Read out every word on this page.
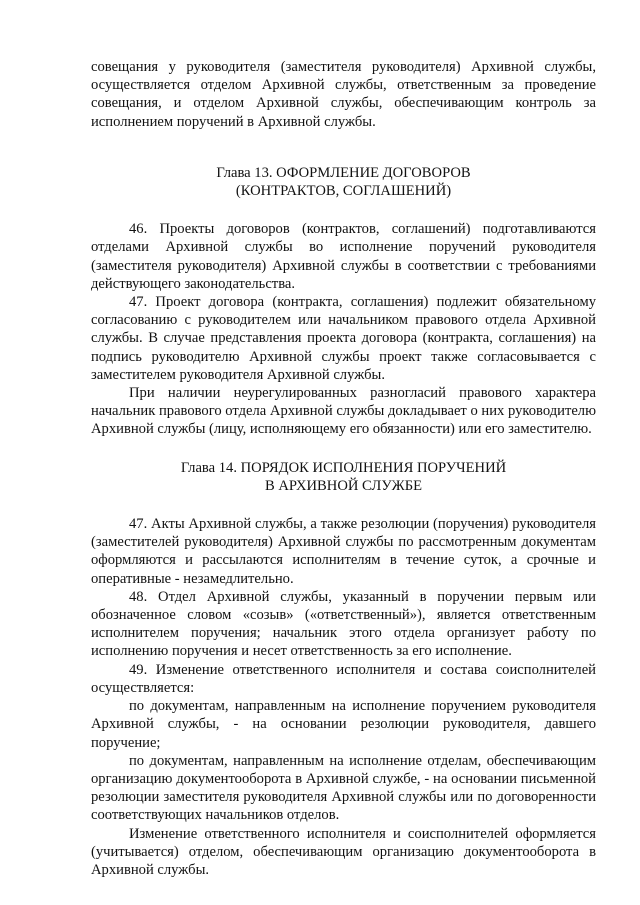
совещания у руководителя (заместителя руководителя) Архивной службы, осуществляется отделом Архивной службы, ответственным за проведение совещания, и отделом Архивной службы, обеспечивающим контроль за исполнением поручений в Архивной службы.

Глава 13. ОФОРМЛЕНИЕ ДОГОВОРОВ

(КОНТРАКТОВ, СОГЛАШЕНИЙ)

46. Проекты договоров (контрактов, соглашений) подготавливаются отделами Архивной службы во исполнение поручений руководителя (заместителя руководителя) Архивной службы в соответствии с требованиями действующего законодательства.

47. Проект договора (контракта, соглашения) подлежит обязательному согласованию с руководителем или начальником правового отдела Архивной службы. В случае представления проекта договора (контракта, соглашения) на подпись руководителю Архивной службы проект также согласовывается с заместителем руководителя Архивной службы.

При наличии неурегулированных разногласий правового характера начальник правового отдела Архивной службы докладывает о них руководителю Архивной службы (лицу, исполняющему его обязанности) или его заместителю.

Глава 14. ПОРЯДОК ИСПОЛНЕНИЯ ПОРУЧЕНИЙ

В АРХИВНОЙ СЛУЖБЕ

47. Акты Архивной службы, а также резолюции (поручения) руководителя (заместителей руководителя) Архивной службы по рассмотренным документам оформляются и рассылаются исполнителям в течение суток, а срочные и оперативные - незамедлительно.

48. Отдел Архивной службы, указанный в поручении первым или обозначенное словом «созыв» («ответственный»), является ответственным исполнителем поручения; начальник этого отдела организует работу по исполнению поручения и несет ответственность за его исполнение.

49. Изменение ответственного исполнителя и состава соисполнителей осуществляется:

по документам, направленным на исполнение поручением руководителя Архивной службы, - на основании резолюции руководителя, давшего поручение;

по документам, направленным на исполнение отделам, обеспечивающим организацию документооборота в Архивной службе, - на основании письменной резолюции заместителя руководителя Архивной службы или по договоренности соответствующих начальников отделов.

Изменение ответственного исполнителя и соисполнителей оформляется (учитывается) отделом, обеспечивающим организацию документооборота в Архивной службы.
